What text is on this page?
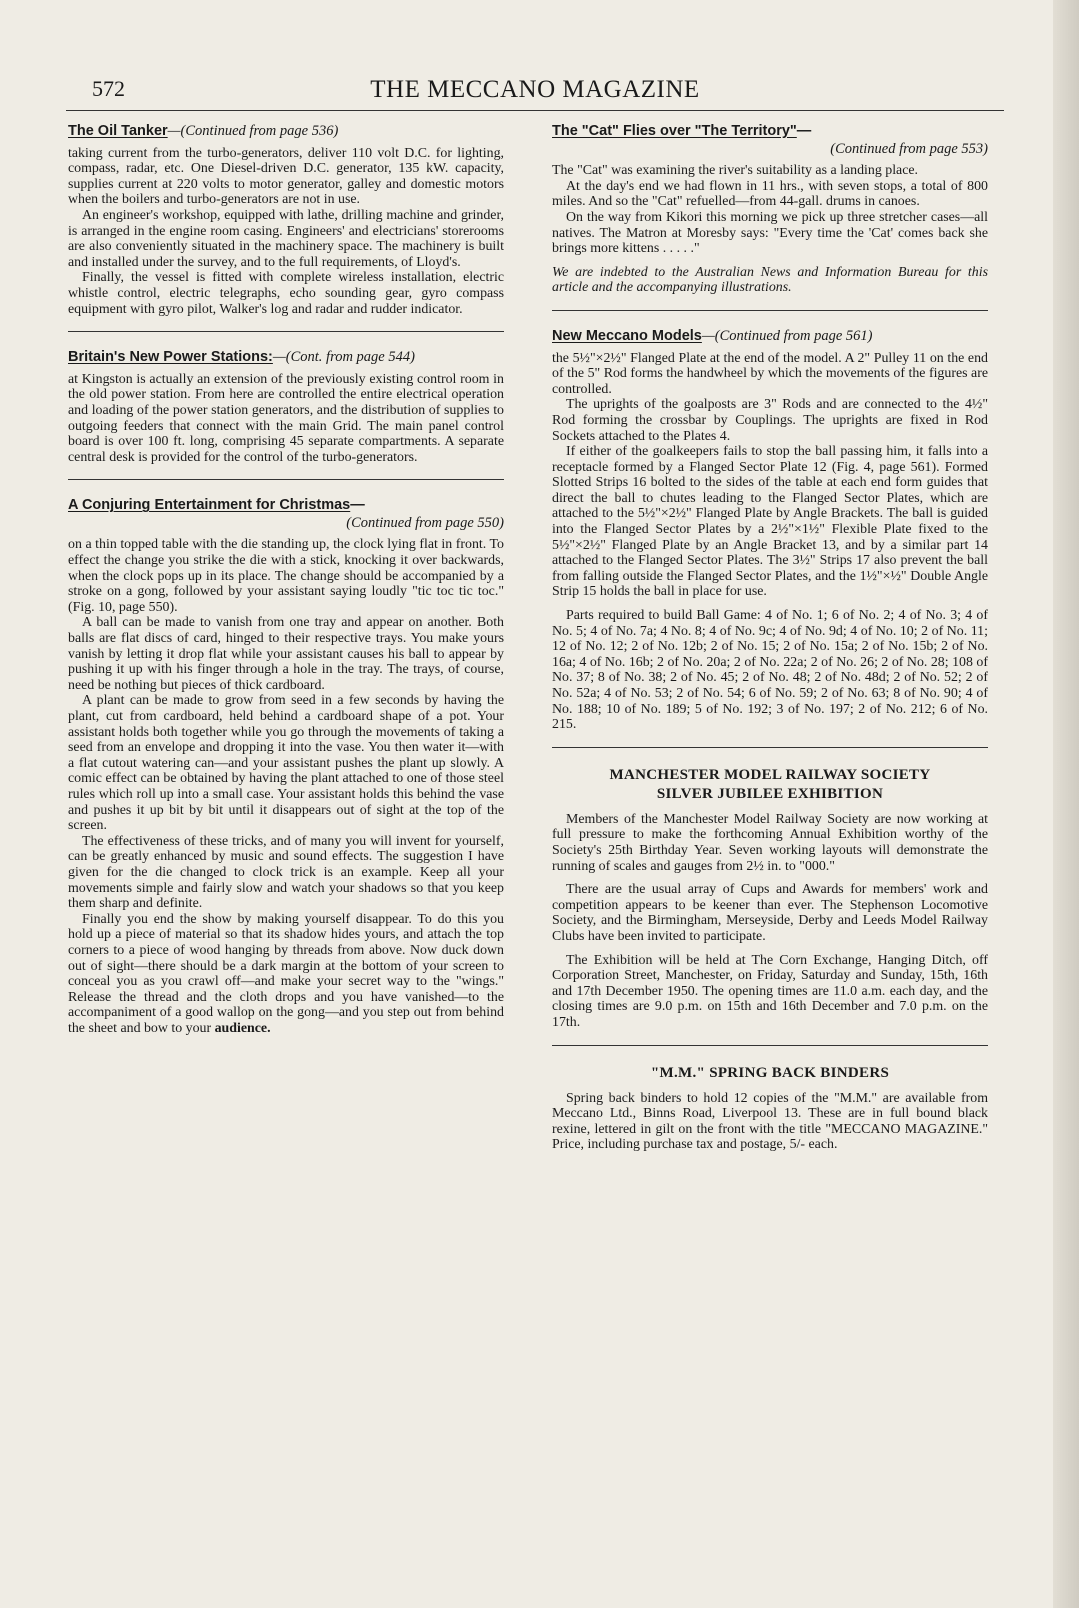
572	THE MECCANO MAGAZINE
The Oil Tanker—(Continued from page 536)

taking current from the turbo-generators, deliver 110 volt D.C. for lighting, compass, radar, etc. One Diesel-driven D.C. generator, 135 kW. capacity, supplies current at 220 volts to motor generator, galley and domestic motors when the boilers and turbo-generators are not in use.

An engineer's workshop, equipped with lathe, drilling machine and grinder, is arranged in the engine room casing. Engineers' and electricians' storerooms are also conveniently situated in the machinery space. The machinery is built and installed under the survey, and to the full requirements, of Lloyd's.

Finally, the vessel is fitted with complete wireless installation, electric whistle control, electric telegraphs, echo sounding gear, gyro compass equipment with gyro pilot, Walker's log and radar and rudder indicator.

Britain's New Power Stations:—(Cont. from page 544)

at Kingston is actually an extension of the previously existing control room in the old power station. From here are controlled the entire electrical operation and loading of the power station generators, and the distribution of supplies to outgoing feeders that connect with the main Grid. The main panel control board is over 100 ft. long, comprising 45 separate compartments. A separate central desk is provided for the control of the turbo-generators.

A Conjuring Entertainment for Christmas—
(Continued from page 550)

on a thin topped table with the die standing up, the clock lying flat in front. To effect the change you strike the die with a stick, knocking it over backwards, when the clock pops up in its place. The change should be accompanied by a stroke on a gong, followed by your assistant saying loudly "tic toc tic toc." (Fig. 10, page 550).

A ball can be made to vanish from one tray and appear on another. Both balls are flat discs of card, hinged to their respective trays. You make yours vanish by letting it drop flat while your assistant causes his ball to appear by pushing it up with his finger through a hole in the tray. The trays, of course, need be nothing but pieces of thick cardboard.

A plant can be made to grow from seed in a few seconds by having the plant, cut from cardboard, held behind a cardboard shape of a pot. Your assistant holds both together while you go through the movements of taking a seed from an envelope and dropping it into the vase. You then water it—with a flat cutout watering can—and your assistant pushes the plant up slowly. A comic effect can be obtained by having the plant attached to one of those steel rules which roll up into a small case. Your assistant holds this behind the vase and pushes it up bit by bit until it disappears out of sight at the top of the screen.

The effectiveness of these tricks, and of many you will invent for yourself, can be greatly enhanced by music and sound effects. The suggestion I have given for the die changed to clock trick is an example. Keep all your movements simple and fairly slow and watch your shadows so that you keep them sharp and definite.

Finally you end the show by making yourself disappear. To do this you hold up a piece of material so that its shadow hides yours, and attach the top corners to a piece of wood hanging by threads from above. Now duck down out of sight—there should be a dark margin at the bottom of your screen to conceal you as you crawl off—and make your secret way to the "wings." Release the thread and the cloth drops and you have vanished—to the accompaniment of a good wallop on the gong—and you step out from behind the sheet and bow to your audience.

The "Cat" Flies over "The Territory"—
(Continued from page 553)

The "Cat" was examining the river's suitability as a landing place.

At the day's end we had flown in 11 hrs., with seven stops, a total of 800 miles. And so the "Cat" refuelled—from 44-gall. drums in canoes.

On the way from Kikori this morning we pick up three stretcher cases—all natives. The Matron at Moresby says: "Every time the 'Cat' comes back she brings more kittens . . . . ."

We are indebted to the Australian News and Information Bureau for this article and the accompanying illustrations.

New Meccano Models—(Continued from page 561)

the 5½"×2½" Flanged Plate at the end of the model. A 2" Pulley 11 on the end of the 5" Rod forms the handwheel by which the movements of the figures are controlled.

The uprights of the goalposts are 3" Rods and are connected to the 4½" Rod forming the crossbar by Couplings. The uprights are fixed in Rod Sockets attached to the Plates 4.

If either of the goalkeepers fails to stop the ball passing him, it falls into a receptacle formed by a Flanged Sector Plate 12 (Fig. 4, page 561). Formed Slotted Strips 16 bolted to the sides of the table at each end form guides that direct the ball to chutes leading to the Flanged Sector Plates, which are attached to the 5½"×2½" Flanged Plate by Angle Brackets. The ball is guided into the Flanged Sector Plates by a 2½"×1½" Flexible Plate fixed to the 5½"×2½" Flanged Plate by an Angle Bracket 13, and by a similar part 14 attached to the Flanged Sector Plates. The 3½" Strips 17 also prevent the ball from falling outside the Flanged Sector Plates, and the 1½"×½" Double Angle Strip 15 holds the ball in place for use.

Parts required to build Ball Game: 4 of No. 1; 6 of No. 2; 4 of No. 3; 4 of No. 5; 4 of No. 7a; 4 No. 8; 4 of No. 9c; 4 of No. 9d; 4 of No. 10; 2 of No. 11; 12 of No. 12; 2 of No. 12b; 2 of No. 15; 2 of No. 15a; 2 of No. 15b; 2 of No. 16a; 4 of No. 16b; 2 of No. 20a; 2 of No. 22a; 2 of No. 26; 2 of No. 28; 108 of No. 37; 8 of No. 38; 2 of No. 45; 2 of No. 48; 2 of No. 48d; 2 of No. 52; 2 of No. 52a; 4 of No. 53; 2 of No. 54; 6 of No. 59; 2 of No. 63; 8 of No. 90; 4 of No. 188; 10 of No. 189; 5 of No. 192; 3 of No. 197; 2 of No. 212; 6 of No. 215.

MANCHESTER MODEL RAILWAY SOCIETY
SILVER JUBILEE EXHIBITION

Members of the Manchester Model Railway Society are now working at full pressure to make the forthcoming Annual Exhibition worthy of the Society's 25th Birthday Year. Seven working layouts will demonstrate the running of scales and gauges from 2½ in. to "000."

There are the usual array of Cups and Awards for members' work and competition appears to be keener than ever. The Stephenson Locomotive Society, and the Birmingham, Merseyside, Derby and Leeds Model Railway Clubs have been invited to participate.

The Exhibition will be held at The Corn Exchange, Hanging Ditch, off Corporation Street, Manchester, on Friday, Saturday and Sunday, 15th, 16th and 17th December 1950. The opening times are 11.0 a.m. each day, and the closing times are 9.0 p.m. on 15th and 16th December and 7.0 p.m. on the 17th.

"M.M." SPRING BACK BINDERS

Spring back binders to hold 12 copies of the "M.M." are available from Meccano Ltd., Binns Road, Liverpool 13. These are in full bound black rexine, lettered in gilt on the front with the title "MECCANO MAGAZINE." Price, including purchase tax and postage, 5/- each.
